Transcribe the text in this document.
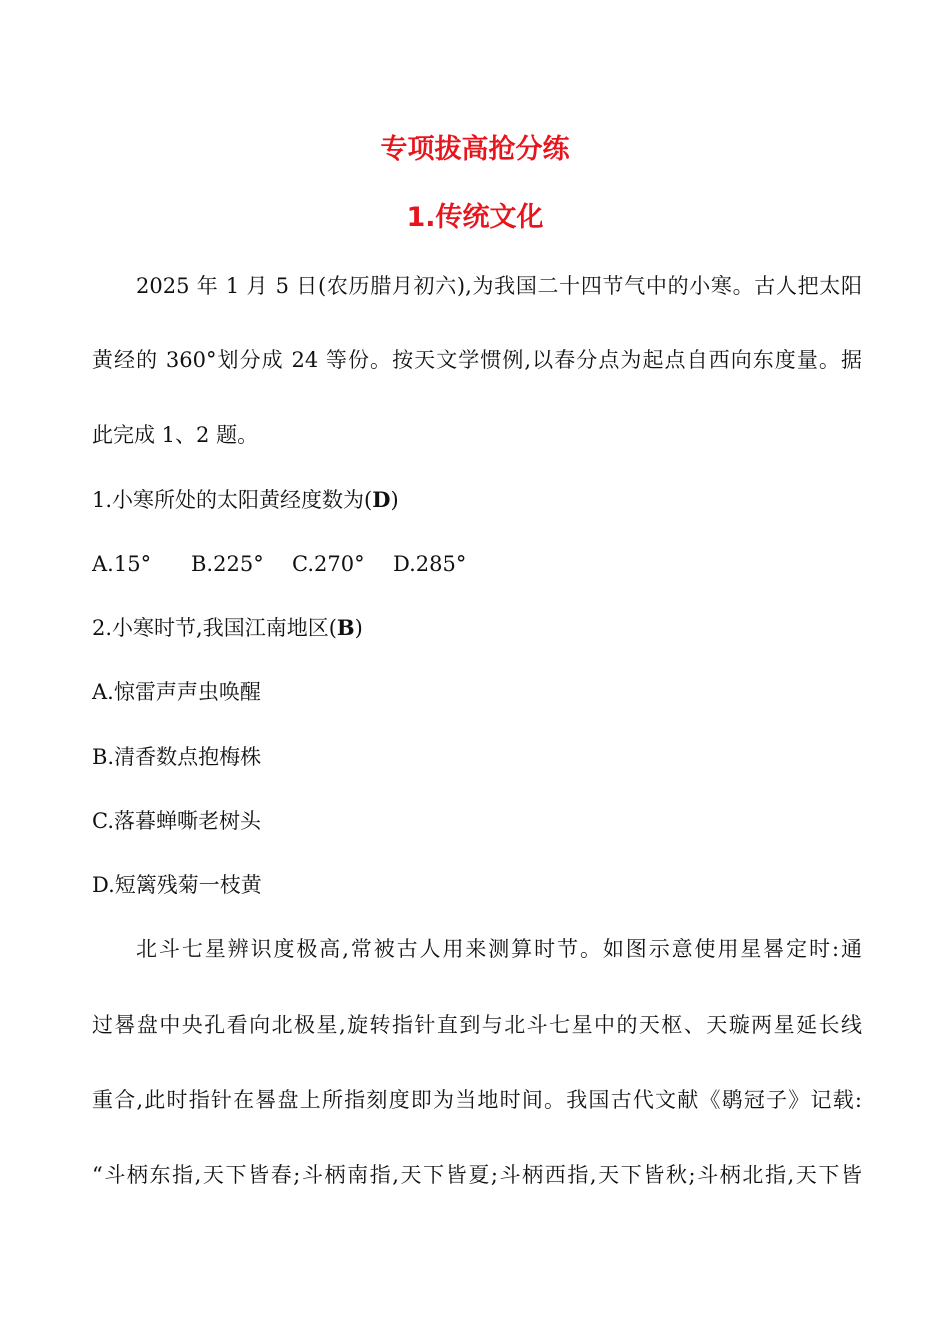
专项拔高抢分练
1.传统文化

2025 年 1 月 5 日(农历腊月初六),为我国二十四节气中的小寒。古人把太阳

黄经的 360°划分成 24 等份。按天文学惯例,以春分点为起点自西向东度量。据

此完成 1、2 题。

1.小寒所处的太阳黄经度数为(D)

A.15° B.225° C.270° D.285°

2.小寒时节,我国江南地区(B)

A.惊雷声声虫唤醒

B.清香数点抱梅株

C.落暮蝉嘶老树头

D.短篱残菊一枝黄

北斗七星辨识度极高,常被古人用来测算时节。如图示意使用星晷定时:通

过晷盘中央孔看向北极星,旋转指针直到与北斗七星中的天枢、天璇两星延长线

重合,此时指针在晷盘上所指刻度即为当地时间。我国古代文献《鹖冠子》记载:

“斗柄东指,天下皆春;斗柄南指,天下皆夏;斗柄西指,天下皆秋;斗柄北指,天下皆
